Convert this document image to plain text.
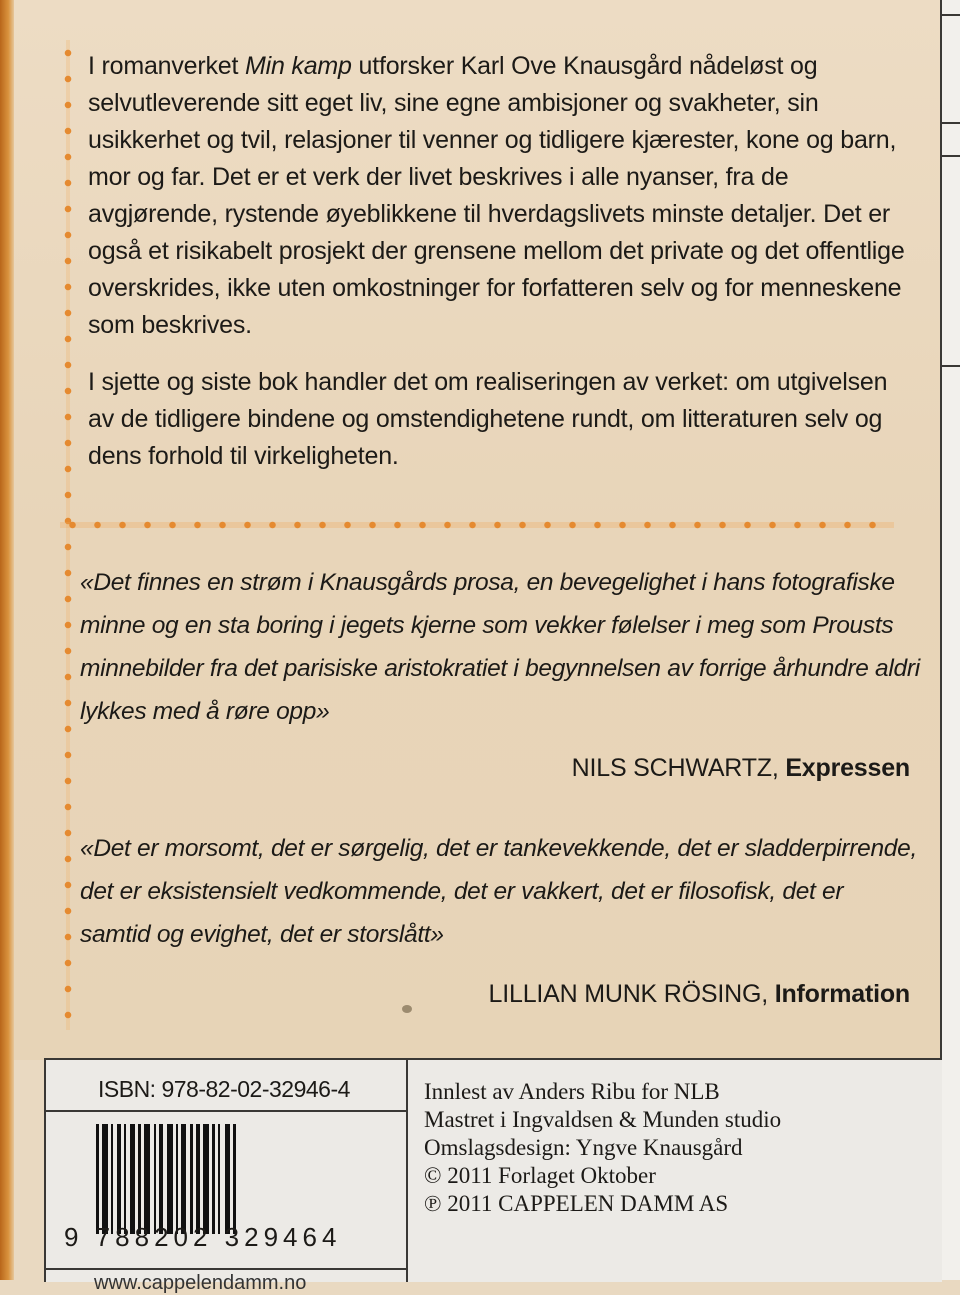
I romanverket Min kamp utforsker Karl Ove Knausgård nådeløst og selvutleverende sitt eget liv, sine egne ambisjoner og svakheter, sin usikkerhet og tvil, relasjoner til venner og tidligere kjærester, kone og barn, mor og far. Det er et verk der livet beskrives i alle nyanser, fra de avgjørende, rystende øyeblikkene til hverdagslivets minste detaljer. Det er også et risikabelt prosjekt der grensene mellom det private og det offentlige overskrides, ikke uten omkostninger for forfatteren selv og for menneskene som beskrives.
I sjette og siste bok handler det om realiseringen av verket: om utgivelsen av de tidligere bindene og omstendighetene rundt, om litteraturen selv og dens forhold til virkeligheten.
«Det finnes en strøm i Knausgårds prosa, en bevegelighet i hans fotografiske minne og en sta boring i jegets kjerne som vekker følelser i meg som Prousts minnebilder fra det parisiske aristokratiet i begynnelsen av forrige århundre aldri lykkes med å røre opp»
NILS SCHWARTZ, Expressen
«Det er morsomt, det er sørgelig, det er tankevekkende, det er sladderpirrende, det er eksistensielt vedkommende, det er vakkert, det er filosofisk, det er samtid og evighet, det er storslått»
LILLIAN MUNK RÖSING, Information
ISBN: 978-82-02-32946-4
9 788202 329464
www.cappelendamm.no
Innlest av Anders Ribu for NLB
Mastret i Ingvaldsen & Munden studio
Omslagsdesign: Yngve Knausgård
© 2011 Forlaget Oktober
℗ 2011 CAPPELEN DAMM AS
